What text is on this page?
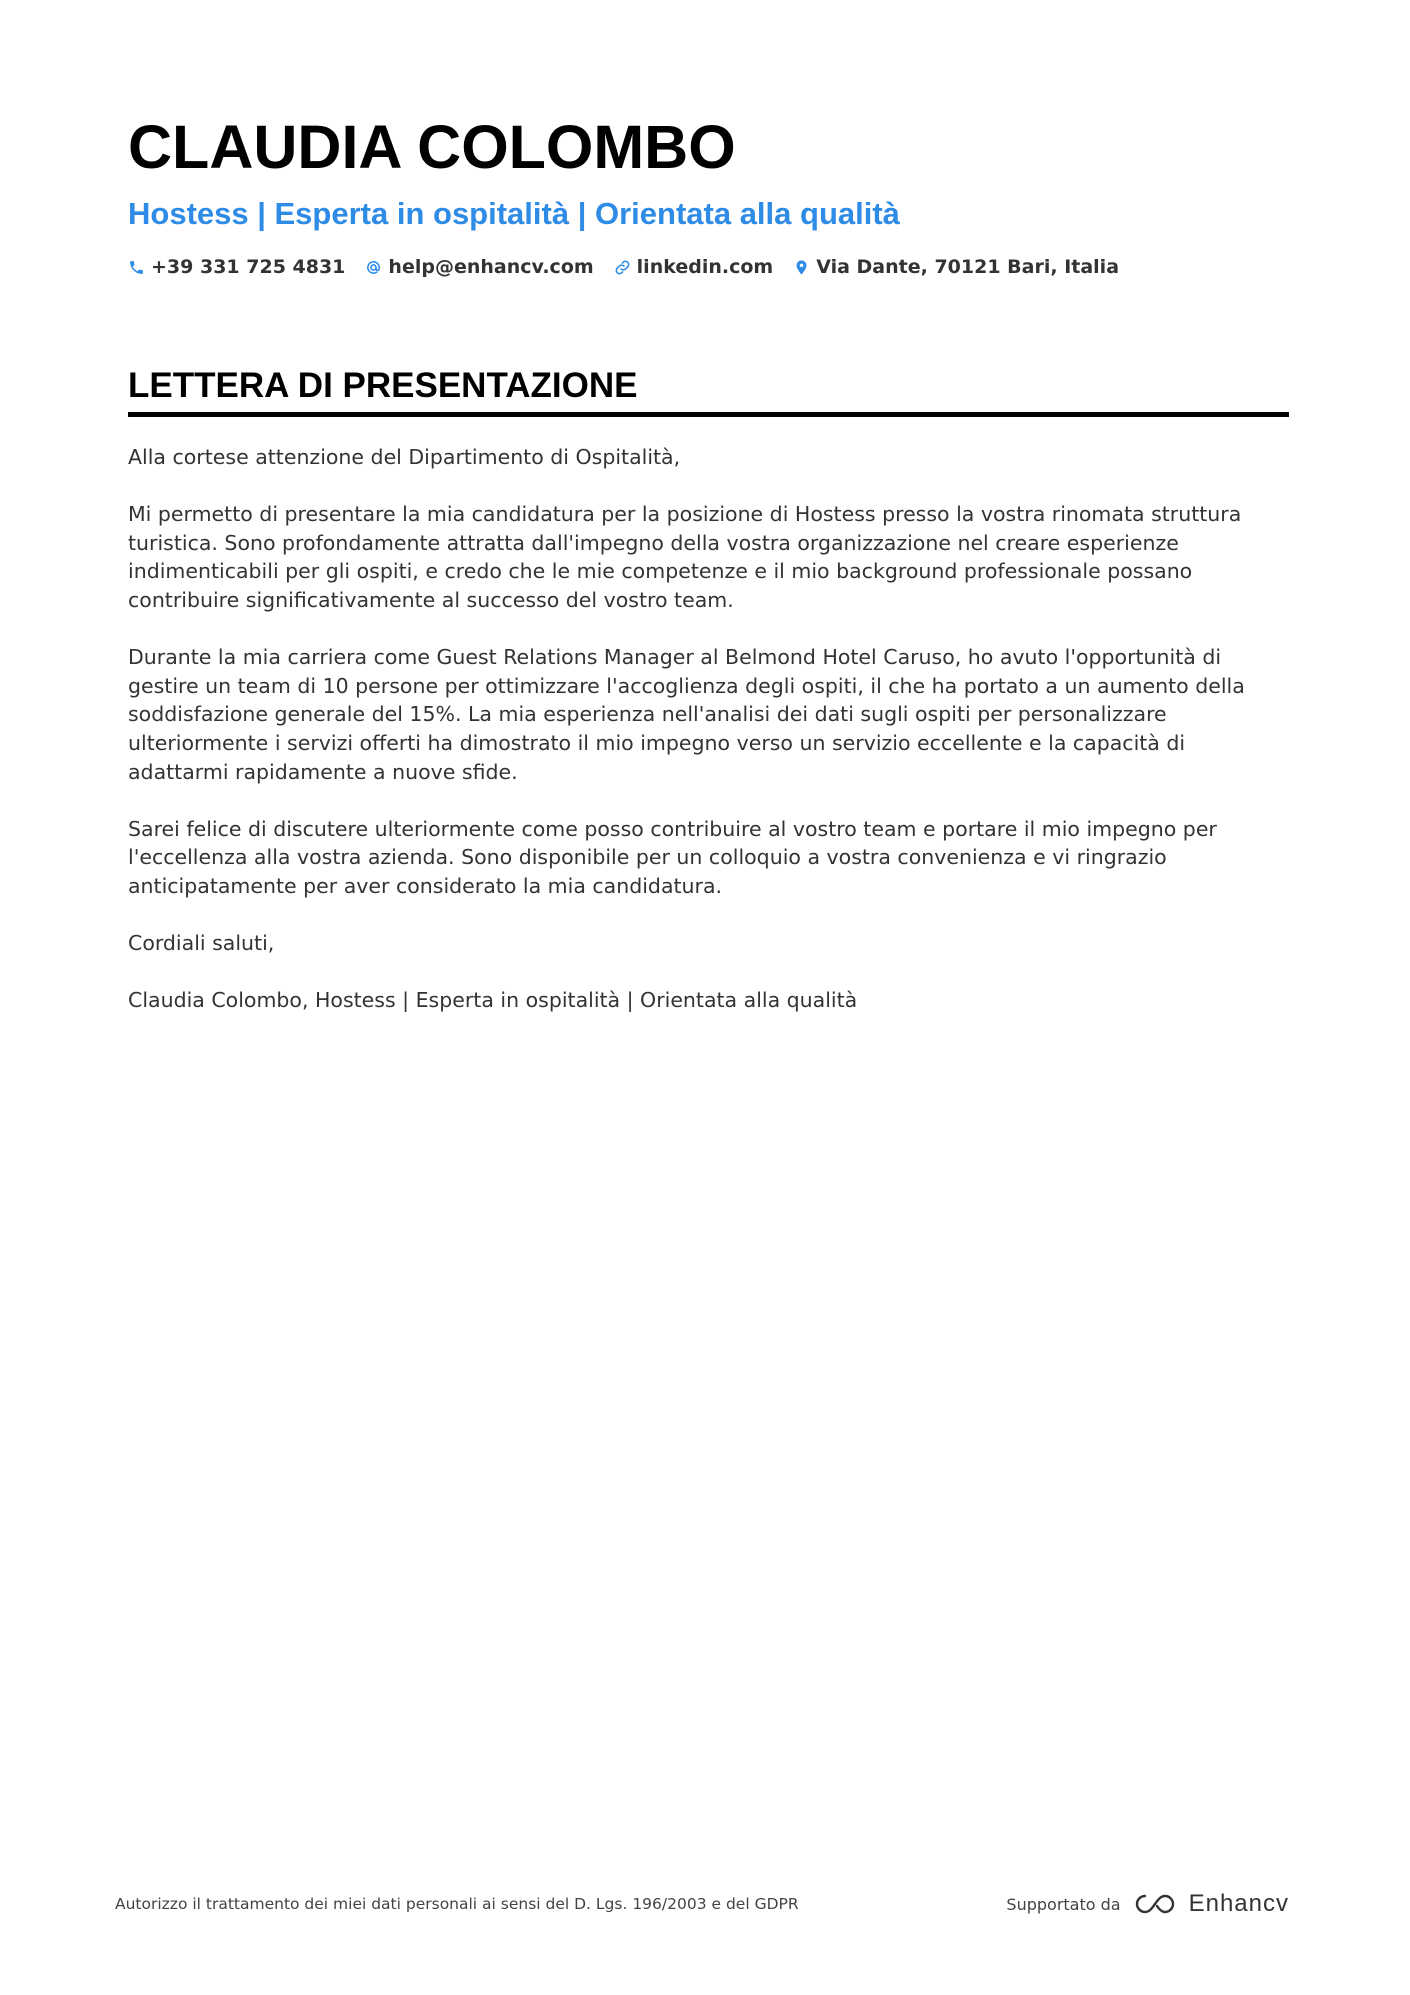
CLAUDIA COLOMBO
Hostess | Esperta in ospitalità | Orientata alla qualità
+39 331 725 4831 help@enhancv.com linkedin.com Via Dante, 70121 Bari, Italia
LETTERA DI PRESENTAZIONE

Alla cortese attenzione del Dipartimento di Ospitalità,

Mi permetto di presentare la mia candidatura per la posizione di Hostess presso la vostra rinomata struttura turistica. Sono profondamente attratta dall'impegno della vostra organizzazione nel creare esperienze indimenticabili per gli ospiti, e credo che le mie competenze e il mio background professionale possano contribuire significativamente al successo del vostro team.

Durante la mia carriera come Guest Relations Manager al Belmond Hotel Caruso, ho avuto l'opportunità di gestire un team di 10 persone per ottimizzare l'accoglienza degli ospiti, il che ha portato a un aumento della soddisfazione generale del 15%. La mia esperienza nell'analisi dei dati sugli ospiti per personalizzare ulteriormente i servizi offerti ha dimostrato il mio impegno verso un servizio eccellente e la capacità di adattarmi rapidamente a nuove sfide.

Sarei felice di discutere ulteriormente come posso contribuire al vostro team e portare il mio impegno per l'eccellenza alla vostra azienda. Sono disponibile per un colloquio a vostra convenienza e vi ringrazio anticipatamente per aver considerato la mia candidatura.

Cordiali saluti,

Claudia Colombo, Hostess | Esperta in ospitalità | Orientata alla qualità

Autorizzo il trattamento dei miei dati personali ai sensi del D. Lgs. 196/2003 e del GDPR	Supportato da	Enhancv
